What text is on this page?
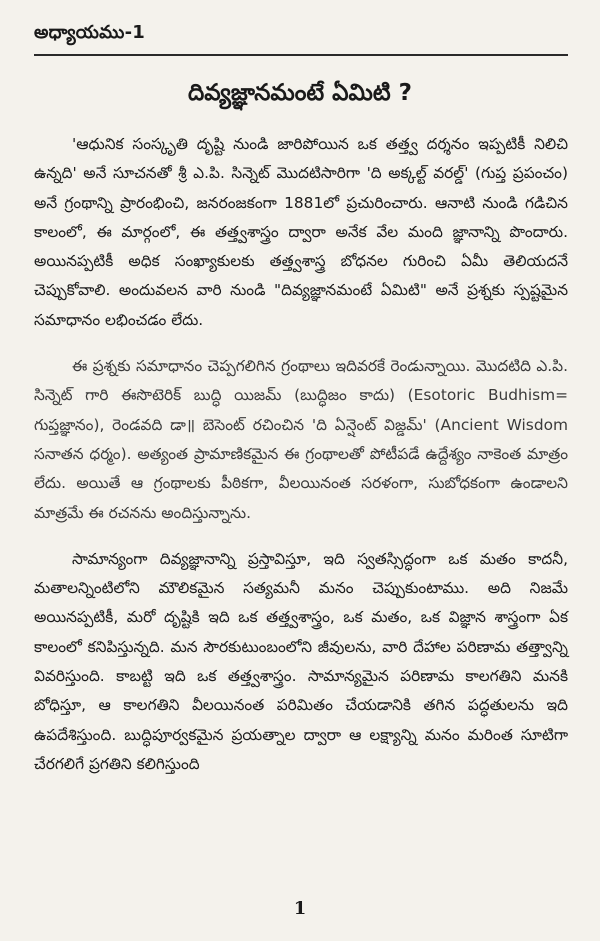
అధ్యాయము-1
దివ్యజ్ఞానమంటే ఏమిటి ?

'ఆధునిక సంస్కృతి దృష్టి నుండి జారిపోయిన ఒక తత్త్వ దర్శనం ఇప్పటికీ నిలిచి ఉన్నది' అనే సూచనతో శ్రీ ఎ.పి. సిన్నెట్ మొదటిసారిగా 'ది అక్కల్ట్ వరల్డ్' (గుప్త ప్రపంచం) అనే గ్రంథాన్ని ప్రారంభించి, జనరంజకంగా 1881లో ప్రచురించారు. ఆనాటి నుండి గడిచిన కాలంలో, ఈ మార్గంలో, ఈ తత్త్వశాస్త్రం ద్వారా అనేక వేల మంది జ్ఞానాన్ని పొందారు. అయినప్పటికీ అధిక సంఖ్యాకులకు తత్త్వశాస్త్ర బోధనల గురించి ఏమీ తెలియదనే చెప్పుకోవాలి. అందువలన వారి నుండి "దివ్యజ్ఞానమంటే ఏమిటి" అనే ప్రశ్నకు స్పష్టమైన సమాధానం లభించడం లేదు.

ఈ ప్రశ్నకు సమాధానం చెప్పగలిగిన గ్రంథాలు ఇదివరకే రెండున్నాయి. మొదటిది ఎ.పి. సిన్నెట్ గారి ఈసొటెరిక్ బుద్ధి యిజమ్ (బుద్ధిజం కాదు) (Esotoric Budhism= గుప్తజ్ఞానం), రెండవది డా॥ బెసెంట్ రచించిన 'ది ఏన్షెంట్ విజ్డమ్' (Ancient Wisdom సనాతన ధర్మం). అత్యంత ప్రామాణికమైన ఈ గ్రంథాలతో పోటీపడే ఉద్దేశ్యం నాకెంత మాత్రం లేదు. అయితే ఆ గ్రంథాలకు పీఠికగా, వీలయినంత సరళంగా, సుబోధకంగా ఉండాలని మాత్రమే ఈ రచనను అందిస్తున్నాను.

సామాన్యంగా దివ్యజ్ఞానాన్ని ప్రస్తావిస్తూ, ఇది స్వతస్సిద్ధంగా ఒక మతం కాదనీ, మతాలన్నింటిలోని మౌలికమైన సత్యమనీ మనం చెప్పుకుంటాము. అది నిజమే అయినప్పటికీ, మరో దృష్టికి ఇది ఒక తత్త్వశాస్త్రం, ఒక మతం, ఒక విజ్ఞాన శాస్త్రంగా ఏక కాలంలో కనిపిస్తున్నది. మన సౌరకుటుంబంలోని జీవులను, వారి దేహాల పరిణామ తత్త్వాన్ని వివరిస్తుంది. కాబట్టి ఇది ఒక తత్త్వశాస్త్రం. సామాన్యమైన పరిణామ కాలగతిని మనకి బోధిస్తూ, ఆ కాలగతిని వీలయినంత పరిమితం చేయడానికి తగిన పద్ధతులను ఇది ఉపదేశిస్తుంది. బుద్ధిపూర్వకమైన ప్రయత్నాల ద్వారా ఆ లక్ష్యాన్ని మనం మరింత సూటిగా చేరగలిగే ప్రగతిని కలిగిస్తుంది

1
